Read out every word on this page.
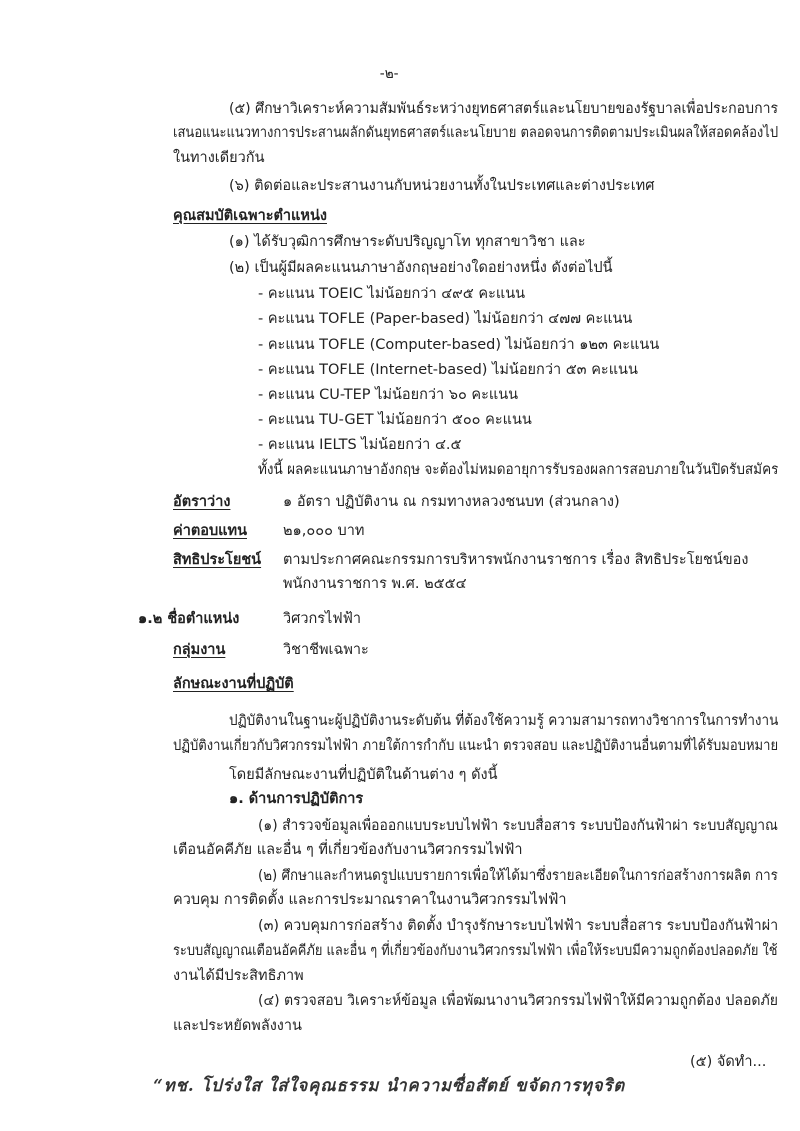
-๒-
(๕) ศึกษาวิเคราะห์ความสัมพันธ์ระหว่างยุทธศาสตร์และนโยบายของรัฐบาลเพื่อประกอบการ
เสนอแนะแนวทางการประสานผลักดันยุทธศาสตร์และนโยบาย ตลอดจนการติดตามประเมินผลให้สอดคล้องไป
ในทางเดียวกัน
(๖) ติดต่อและประสานงานกับหน่วยงานทั้งในประเทศและต่างประเทศ
คุณสมบัติเฉพาะตำแหน่ง
(๑) ได้รับวุฒิการศึกษาระดับปริญญาโท ทุกสาขาวิชา และ
(๒) เป็นผู้มีผลคะแนนภาษาอังกฤษอย่างใดอย่างหนึ่ง ดังต่อไปนี้
- คะแนน TOEIC ไม่น้อยกว่า ๔๙๕ คะแนน
- คะแนน TOFLE (Paper-based) ไม่น้อยกว่า ๔๗๗ คะแนน
- คะแนน TOFLE (Computer-based) ไม่น้อยกว่า ๑๒๓ คะแนน
- คะแนน TOFLE (Internet-based) ไม่น้อยกว่า ๕๓ คะแนน
- คะแนน CU-TEP ไม่น้อยกว่า ๖๐ คะแนน
- คะแนน TU-GET ไม่น้อยกว่า ๕๐๐ คะแนน
- คะแนน IELTS ไม่น้อยกว่า ๔.๕
ทั้งนี้ ผลคะแนนภาษาอังกฤษ จะต้องไม่หมดอายุการรับรองผลการสอบภายในวันปิดรับสมัคร
อัตราว่าง	๑ อัตรา ปฏิบัติงาน ณ กรมทางหลวงชนบท (ส่วนกลาง)
ค่าตอบแทน ๒๑,๐๐๐ บาท
สิทธิประโยชน์ ตามประกาศคณะกรรมการบริหารพนักงานราชการ เรื่อง สิทธิประโยชน์ของ
พนักงานราชการ พ.ศ. ๒๕๕๔
๑.๒ ชื่อตำแหน่ง	วิศวกรไฟฟ้า
กลุ่มงาน	วิชาชีพเฉพาะ
ลักษณะงานที่ปฏิบัติ
ปฏิบัติงานในฐานะผู้ปฏิบัติงานระดับต้น ที่ต้องใช้ความรู้ ความสามารถทางวิชาการในการทำงาน
ปฏิบัติงานเกี่ยวกับวิศวกรรมไฟฟ้า ภายใต้การกำกับ แนะนำ ตรวจสอบ และปฏิบัติงานอื่นตามที่ได้รับมอบหมาย
โดยมีลักษณะงานที่ปฏิบัติในด้านต่าง ๆ ดังนี้
๑. ด้านการปฏิบัติการ
(๑) สำรวจข้อมูลเพื่อออกแบบระบบไฟฟ้า ระบบสื่อสาร ระบบป้องกันฟ้าผ่า ระบบสัญญาณ
เตือนอัคคีภัย และอื่น ๆ ที่เกี่ยวข้องกับงานวิศวกรรมไฟฟ้า
(๒) ศึกษาและกำหนดรูปแบบรายการเพื่อให้ได้มาซึ่งรายละเอียดในการก่อสร้างการผลิต การ
ควบคุม การติดตั้ง และการประมาณราคาในงานวิศวกรรมไฟฟ้า
(๓) ควบคุมการก่อสร้าง ติดตั้ง บำรุงรักษาระบบไฟฟ้า ระบบสื่อสาร ระบบป้องกันฟ้าผ่า
ระบบสัญญาณเตือนอัคคีภัย และอื่น ๆ ที่เกี่ยวข้องกับงานวิศวกรรมไฟฟ้า เพื่อให้ระบบมีความถูกต้องปลอดภัย ใช้
งานได้มีประสิทธิภาพ
(๔) ตรวจสอบ วิเคราะห์ข้อมูล เพื่อพัฒนางานวิศวกรรมไฟฟ้าให้มีความถูกต้อง ปลอดภัย
และประหยัดพลังงาน
(๕) จัดทำ...
“ทช. โปร่งใส ใส่ใจคุณธรรม นำความซื่อสัตย์ ขจัดการทุจริต
